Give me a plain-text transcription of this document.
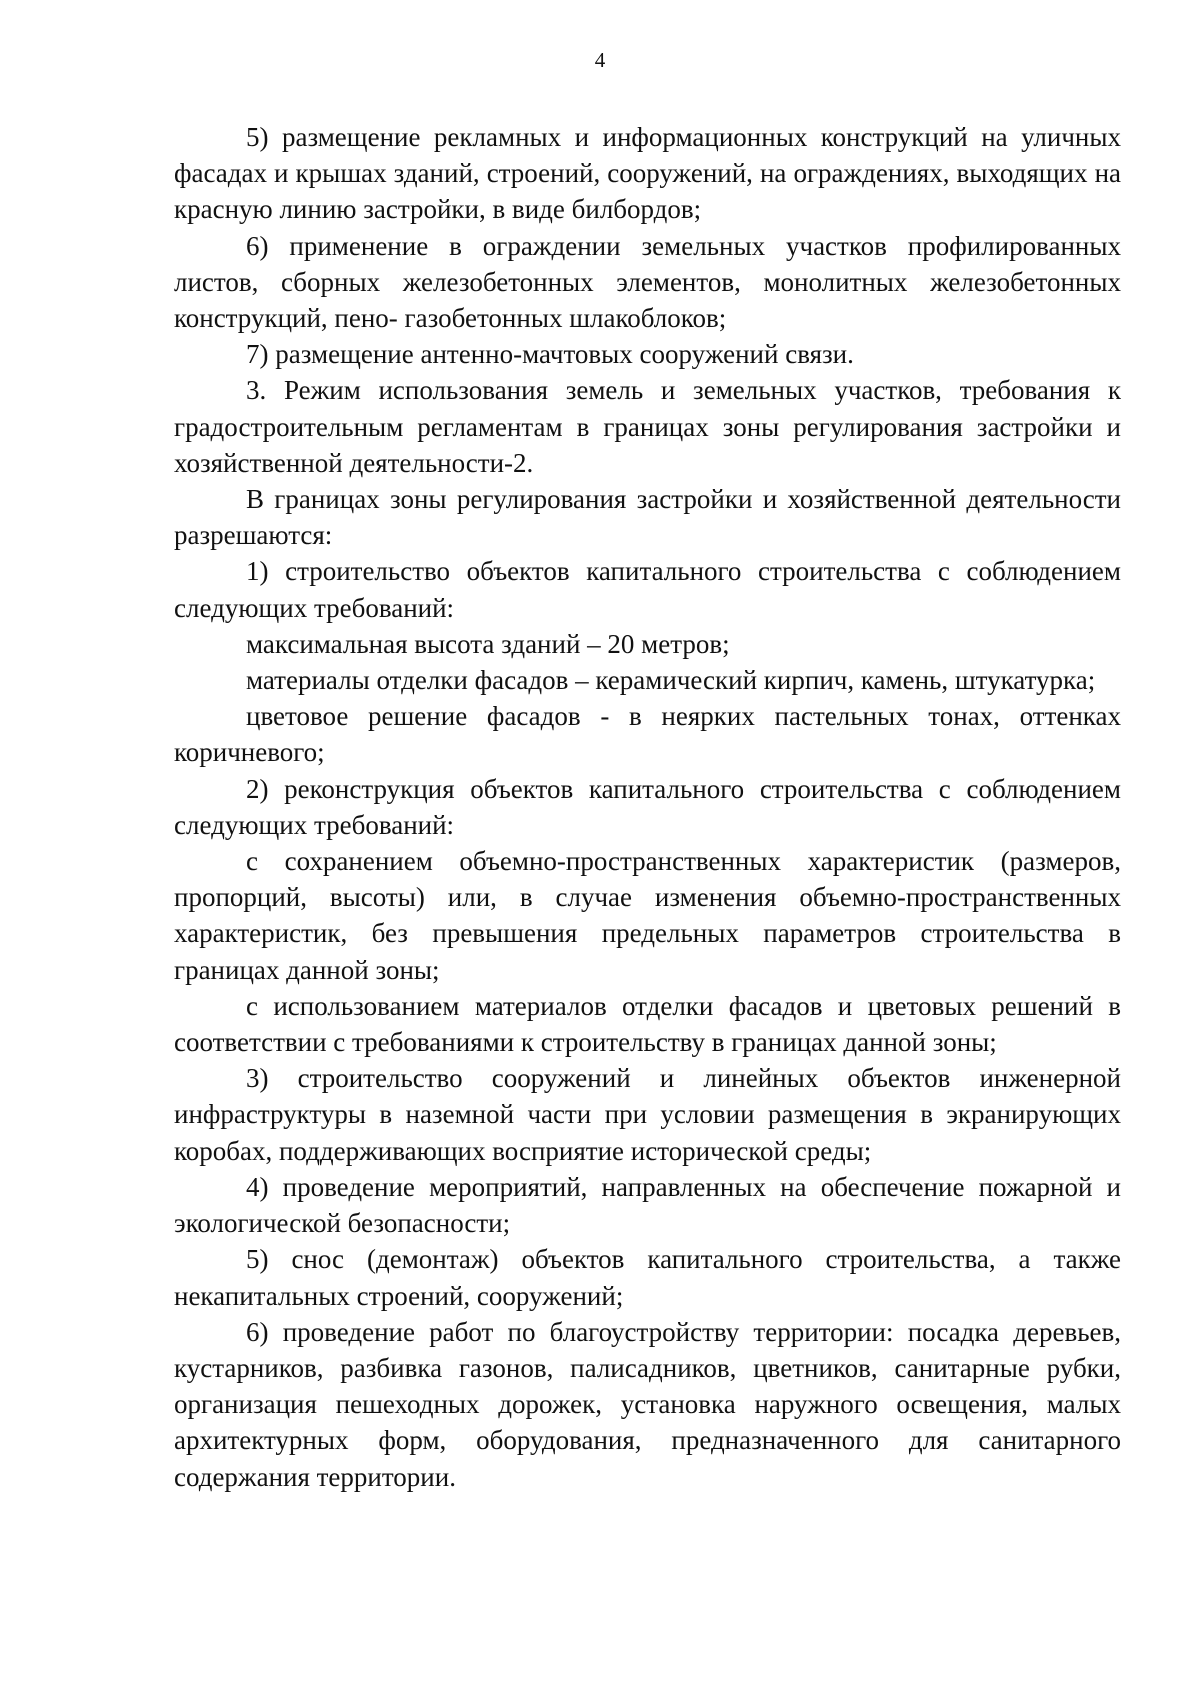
4

5) размещение рекламных и информационных конструкций на уличных фасадах и крышах зданий, строений, сооружений, на ограждениях, выходящих на красную линию застройки, в виде билбордов;

6) применение в ограждении земельных участков профилированных листов, сборных железобетонных элементов, монолитных железобетонных конструкций, пено- газобетонных шлакоблоков;

7) размещение антенно-мачтовых сооружений связи.

3. Режим использования земель и земельных участков, требования к градостроительным регламентам в границах зоны регулирования застройки и хозяйственной деятельности-2.

В границах зоны регулирования застройки и хозяйственной деятельности разрешаются:

1) строительство объектов капитального строительства с соблюдением следующих требований:

максимальная высота зданий – 20 метров;

материалы отделки фасадов – керамический кирпич, камень, штукатурка;

цветовое решение фасадов - в неярких пастельных тонах, оттенках коричневого;

2) реконструкция объектов капитального строительства с соблюдением следующих требований:

с сохранением объемно-пространственных характеристик (размеров, пропорций, высоты) или, в случае изменения объемно-пространственных характеристик, без превышения предельных параметров строительства в границах данной зоны;

с использованием материалов отделки фасадов и цветовых решений в соответствии с требованиями к строительству в границах данной зоны;

3) строительство сооружений и линейных объектов инженерной инфраструктуры в наземной части при условии размещения в экранирующих коробах, поддерживающих восприятие исторической среды;

4) проведение мероприятий, направленных на обеспечение пожарной и экологической безопасности;

5) снос (демонтаж) объектов капитального строительства, а также некапитальных строений, сооружений;

6) проведение работ по благоустройству территории: посадка деревьев, кустарников, разбивка газонов, палисадников, цветников, санитарные рубки, организация пешеходных дорожек, установка наружного освещения, малых архитектурных форм, оборудования, предназначенного для санитарного содержания территории.
